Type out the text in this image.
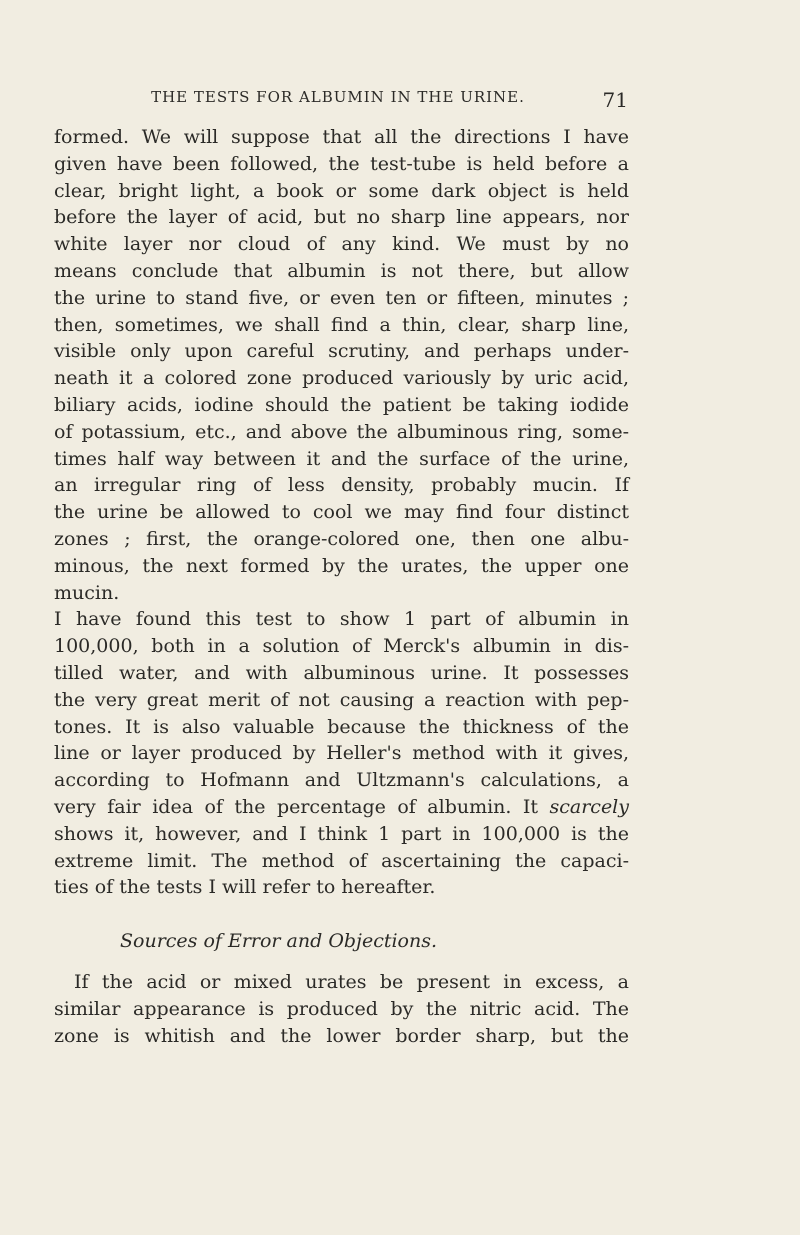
THE TESTS FOR ALBUMIN IN THE URINE.	71
formed. We will suppose that all the directions I have
given have been followed, the test-tube is held before a
clear, bright light, a book or some dark object is held
before the layer of acid, but no sharp line appears, nor
white layer nor cloud of any kind. We must by no
means conclude that albumin is not there, but allow
the urine to stand five, or even ten or fifteen, minutes ;
then, sometimes, we shall find a thin, clear, sharp line,
visible only upon careful scrutiny, and perhaps under-
neath it a colored zone produced variously by uric acid,
biliary acids, iodine should the patient be taking iodide
of potassium, etc., and above the albuminous ring, some-
times half way between it and the surface of the urine,
an irregular ring of less density, probably mucin. If
the urine be allowed to cool we may find four distinct
zones ; first, the orange-colored one, then one albu-
minous, the next formed by the urates, the upper one
mucin.
I have found this test to show 1 part of albumin in
100,000, both in a solution of Merck's albumin in dis-
tilled water, and with albuminous urine. It possesses
the very great merit of not causing a reaction with pep-
tones. It is also valuable because the thickness of the
line or layer produced by Heller's method with it gives,
according to Hofmann and Ultzmann's calculations, a
very fair idea of the percentage of albumin. It scarcely
shows it, however, and I think 1 part in 100,000 is the
extreme limit. The method of ascertaining the capaci-
ties of the tests I will refer to hereafter.
Sources of Error and Objections.
If the acid or mixed urates be present in excess, a
similar appearance is produced by the nitric acid. The
zone is whitish and the lower border sharp, but the
